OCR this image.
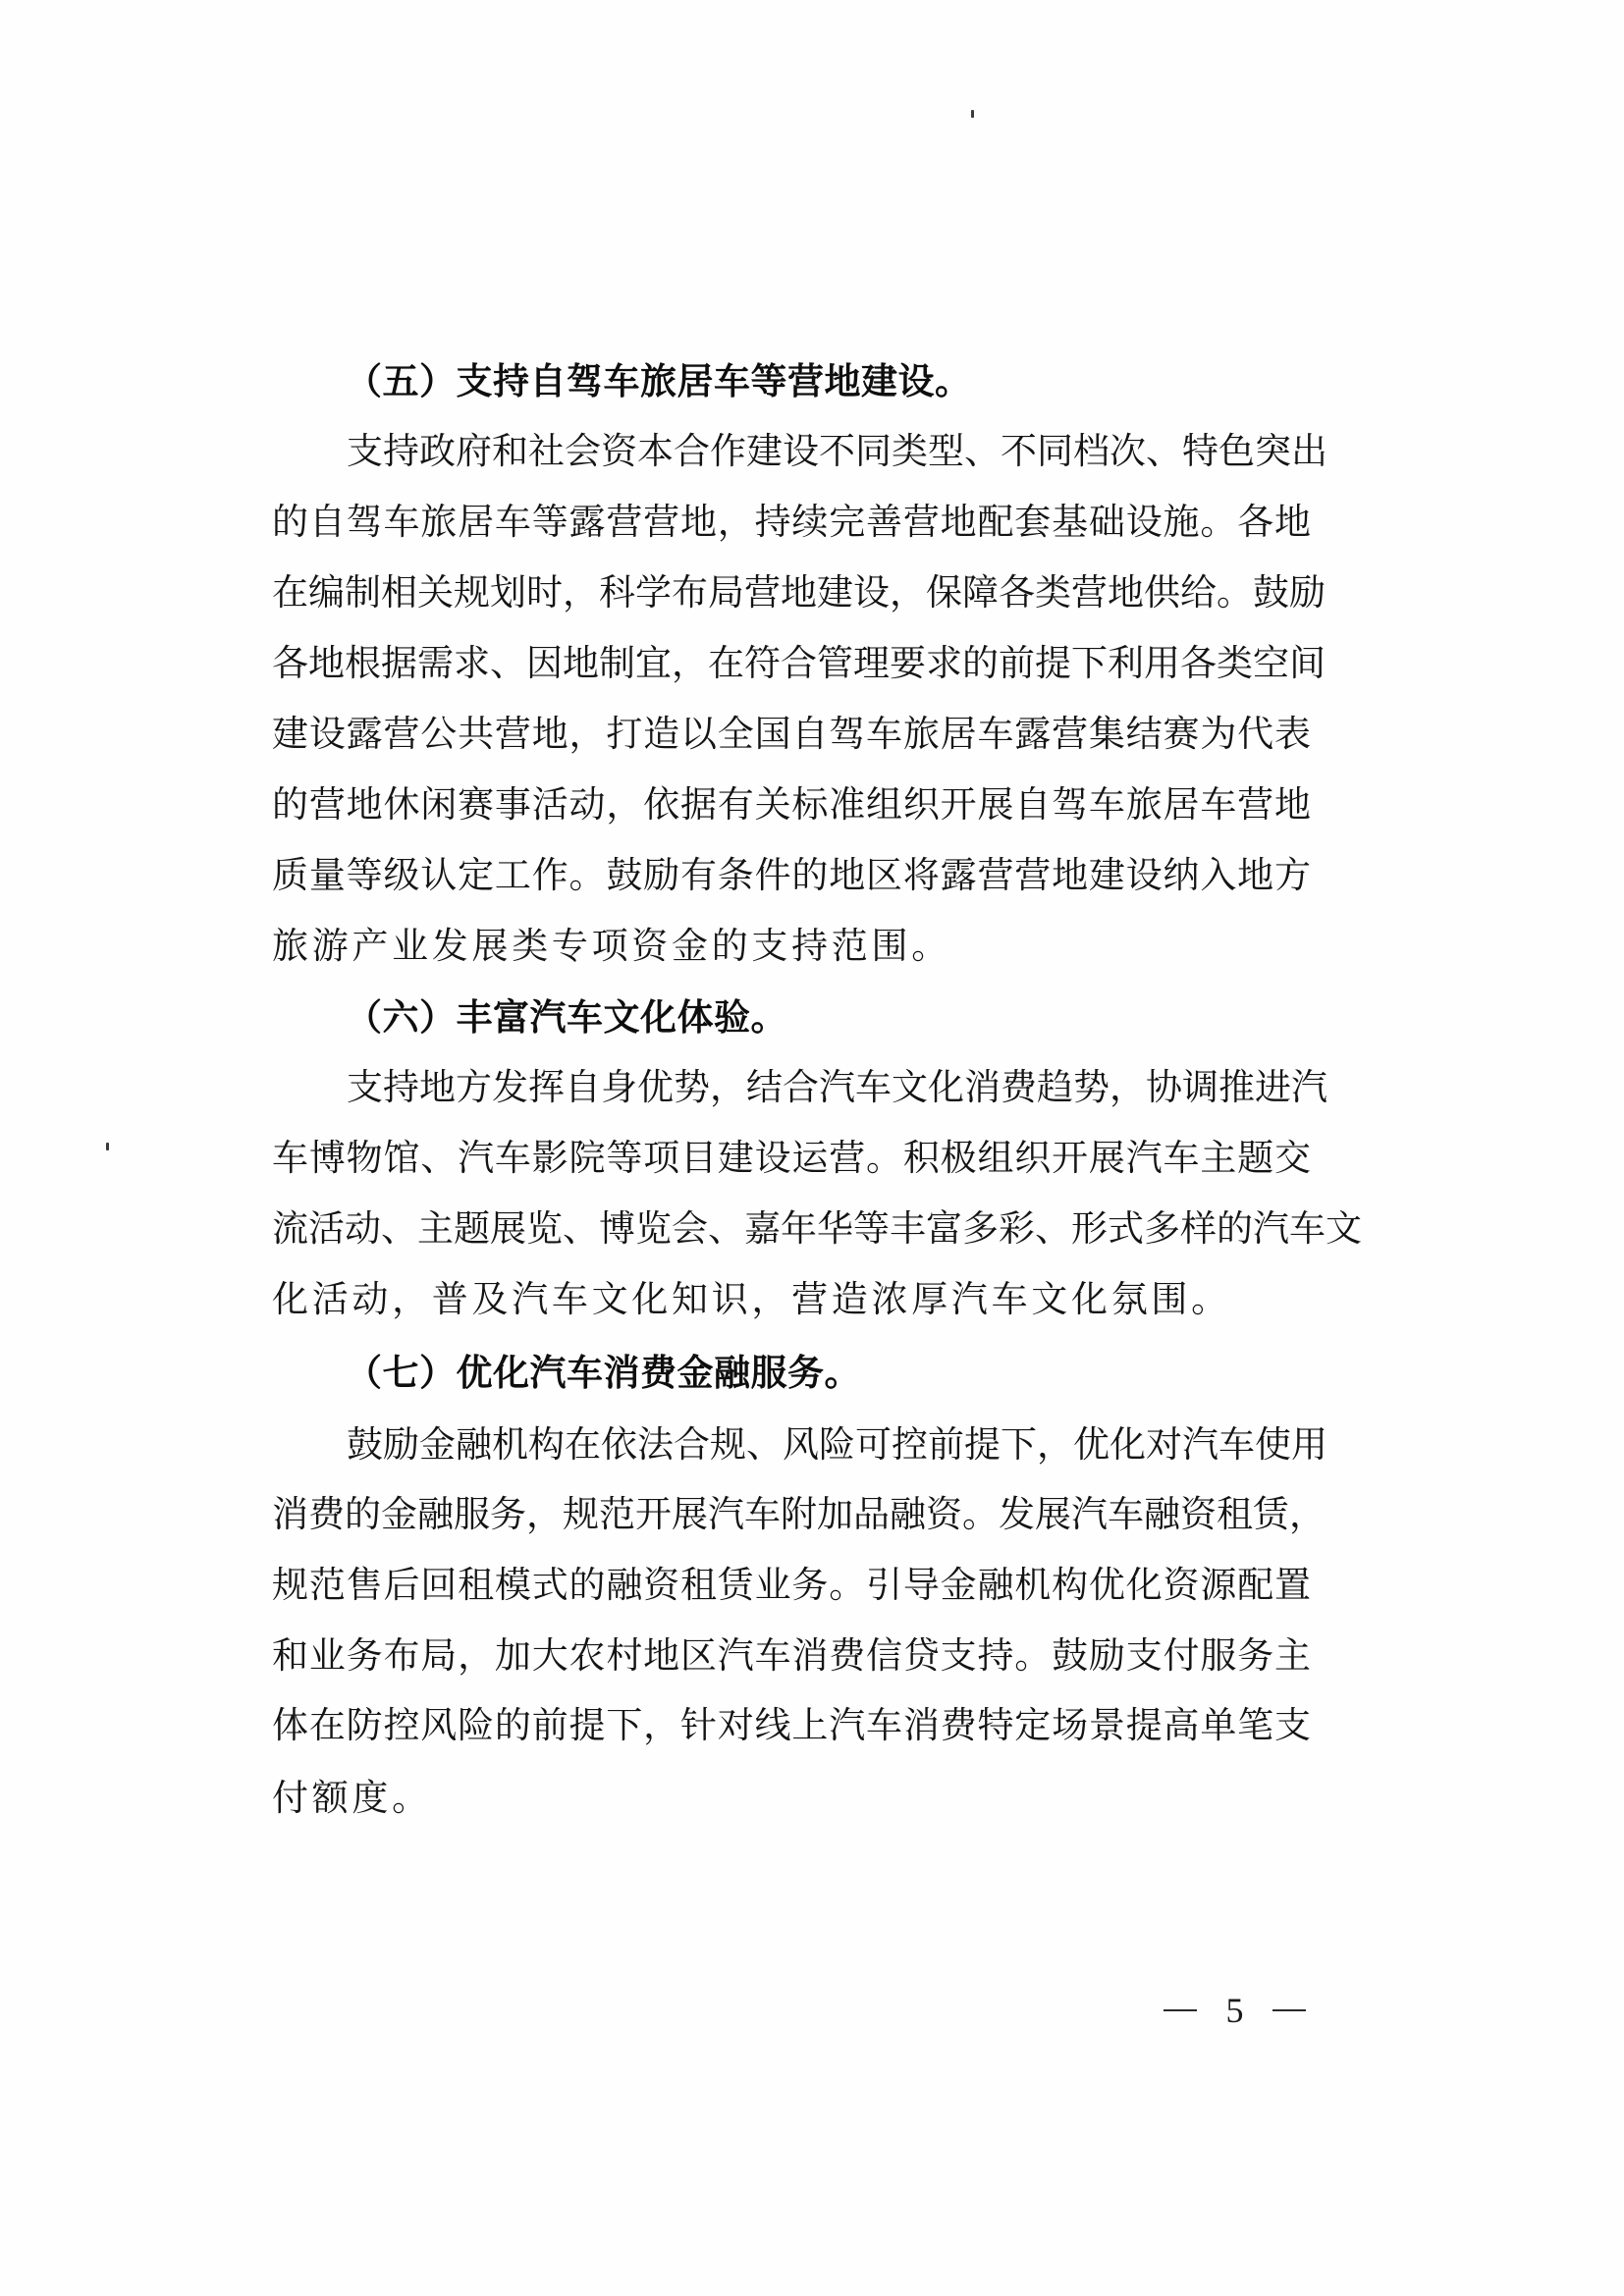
（五）支持自驾车旅居车等营地建设。
支持政府和社会资本合作建设不同类型、不同档次、特色突出
的自驾车旅居车等露营营地，持续完善营地配套基础设施。各地
在编制相关规划时，科学布局营地建设，保障各类营地供给。鼓励
各地根据需求、因地制宜，在符合管理要求的前提下利用各类空间
建设露营公共营地，打造以全国自驾车旅居车露营集结赛为代表
的营地休闲赛事活动，依据有关标准组织开展自驾车旅居车营地
质量等级认定工作。鼓励有条件的地区将露营营地建设纳入地方
旅游产业发展类专项资金的支持范围。
（六）丰富汽车文化体验。
支持地方发挥自身优势，结合汽车文化消费趋势，协调推进汽
车博物馆、汽车影院等项目建设运营。积极组织开展汽车主题交
流活动、主题展览、博览会、嘉年华等丰富多彩、形式多样的汽车文
化活动，普及汽车文化知识，营造浓厚汽车文化氛围。
（七）优化汽车消费金融服务。
鼓励金融机构在依法合规、风险可控前提下，优化对汽车使用
消费的金融服务，规范开展汽车附加品融资。发展汽车融资租赁，
规范售后回租模式的融资租赁业务。引导金融机构优化资源配置
和业务布局，加大农村地区汽车消费信贷支持。鼓励支付服务主
体在防控风险的前提下，针对线上汽车消费特定场景提高单笔支
付额度。
5
